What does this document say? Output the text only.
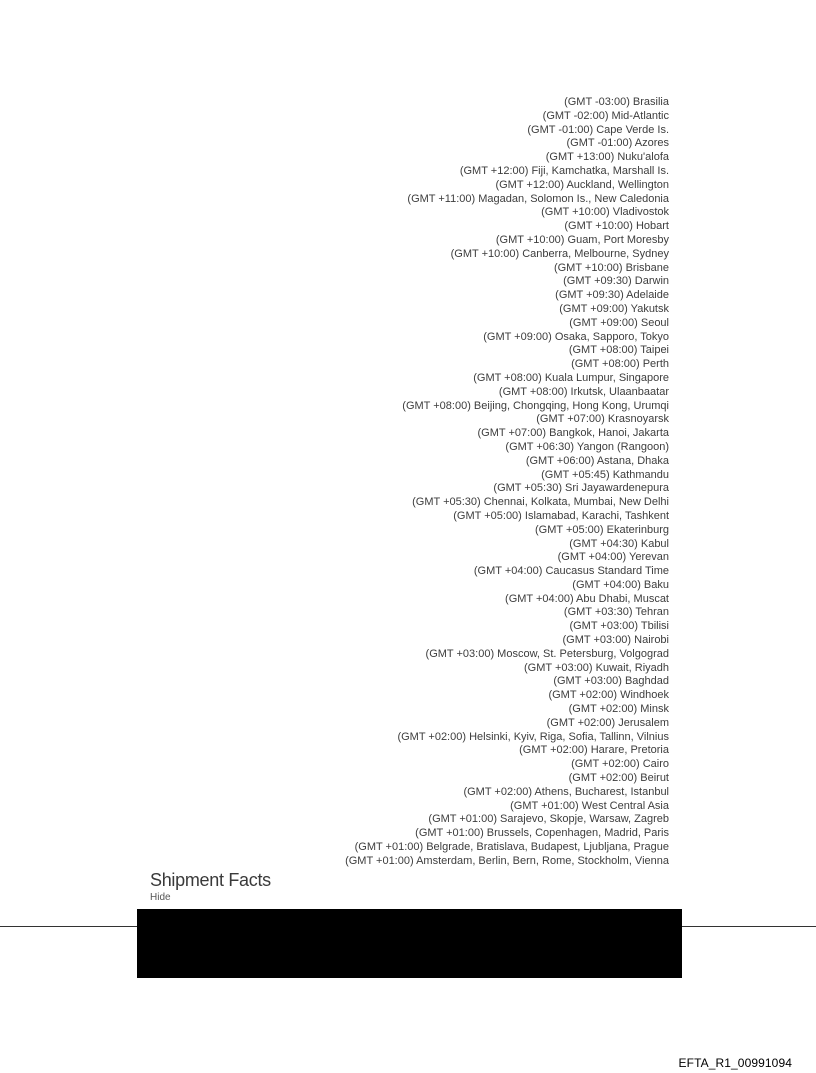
(GMT -03:00) Brasilia
(GMT -02:00) Mid-Atlantic
(GMT -01:00) Cape Verde Is.
(GMT -01:00) Azores
(GMT +13:00) Nuku'alofa
(GMT +12:00) Fiji, Kamchatka, Marshall Is.
(GMT +12:00) Auckland, Wellington
(GMT +11:00) Magadan, Solomon Is., New Caledonia
(GMT +10:00) Vladivostok
(GMT +10:00) Hobart
(GMT +10:00) Guam, Port Moresby
(GMT +10:00) Canberra, Melbourne, Sydney
(GMT +10:00) Brisbane
(GMT +09:30) Darwin
(GMT +09:30) Adelaide
(GMT +09:00) Yakutsk
(GMT +09:00) Seoul
(GMT +09:00) Osaka, Sapporo, Tokyo
(GMT +08:00) Taipei
(GMT +08:00) Perth
(GMT +08:00) Kuala Lumpur, Singapore
(GMT +08:00) Irkutsk, Ulaanbaatar
(GMT +08:00) Beijing, Chongqing, Hong Kong, Urumqi
(GMT +07:00) Krasnoyarsk
(GMT +07:00) Bangkok, Hanoi, Jakarta
(GMT +06:30) Yangon (Rangoon)
(GMT +06:00) Astana, Dhaka
(GMT +05:45) Kathmandu
(GMT +05:30) Sri Jayawardenepura
(GMT +05:30) Chennai, Kolkata, Mumbai, New Delhi
(GMT +05:00) Islamabad, Karachi, Tashkent
(GMT +05:00) Ekaterinburg
(GMT +04:30) Kabul
(GMT +04:00) Yerevan
(GMT +04:00) Caucasus Standard Time
(GMT +04:00) Baku
(GMT +04:00) Abu Dhabi, Muscat
(GMT +03:30) Tehran
(GMT +03:00) Tbilisi
(GMT +03:00) Nairobi
(GMT +03:00) Moscow, St. Petersburg, Volgograd
(GMT +03:00) Kuwait, Riyadh
(GMT +03:00) Baghdad
(GMT +02:00) Windhoek
(GMT +02:00) Minsk
(GMT +02:00) Jerusalem
(GMT +02:00) Helsinki, Kyiv, Riga, Sofia, Tallinn, Vilnius
(GMT +02:00) Harare, Pretoria
(GMT +02:00) Cairo
(GMT +02:00) Beirut
(GMT +02:00) Athens, Bucharest, Istanbul
(GMT +01:00) West Central Asia
(GMT +01:00) Sarajevo, Skopje, Warsaw, Zagreb
(GMT +01:00) Brussels, Copenhagen, Madrid, Paris
(GMT +01:00) Belgrade, Bratislava, Budapest, Ljubljana, Prague
(GMT +01:00) Amsterdam, Berlin, Bern, Rome, Stockholm, Vienna
Shipment Facts
Hide
EFTA_R1_00991094
